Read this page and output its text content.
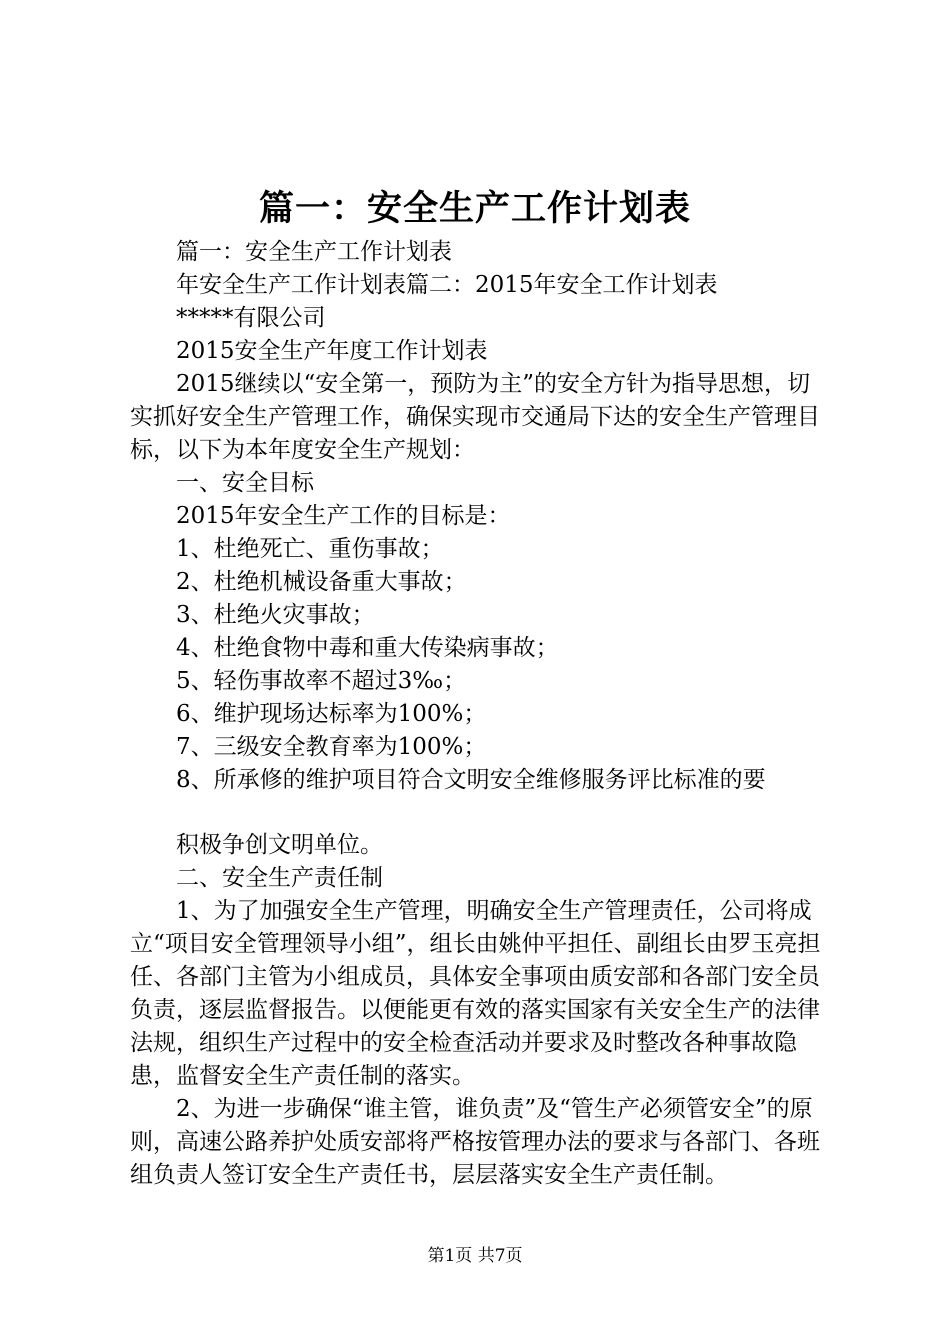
篇一：安全生产工作计划表

篇一：安全生产工作计划表

年安全生产工作计划表篇二：2015年安全工作计划表

*****有限公司

2015安全生产年度工作计划表

2015继续以“安全第一，预防为主”的安全方针为指导思想，切实抓好安全生产管理工作，确保实现市交通局下达的安全生产管理目标，以下为本年度安全生产规划：

一、安全目标

2015年安全生产工作的目标是：

1、杜绝死亡、重伤事故；

2、杜绝机械设备重大事故；

3、杜绝火灾事故；

4、杜绝食物中毒和重大传染病事故；

5、轻伤事故率不超过3‰；

6、维护现场达标率为100%；

7、三级安全教育率为100%；

8、所承修的维护项目符合文明安全维修服务评比标准的要

积极争创文明单位。

二、安全生产责任制

1、为了加强安全生产管理，明确安全生产管理责任，公司将成立“项目安全管理领导小组”，组长由姚仲平担任、副组长由罗玉亮担任、各部门主管为小组成员，具体安全事项由质安部和各部门安全员负责，逐层监督报告。以便能更有效的落实国家有关安全生产的法律法规，组织生产过程中的安全检查活动并要求及时整改各种事故隐患，监督安全生产责任制的落实。

2、为进一步确保“谁主管，谁负责”及“管生产必须管安全”的原则，高速公路养护处质安部将严格按管理办法的要求与各部门、各班组负责人签订安全生产责任书，层层落实安全生产责任制。

第1页 共7页
